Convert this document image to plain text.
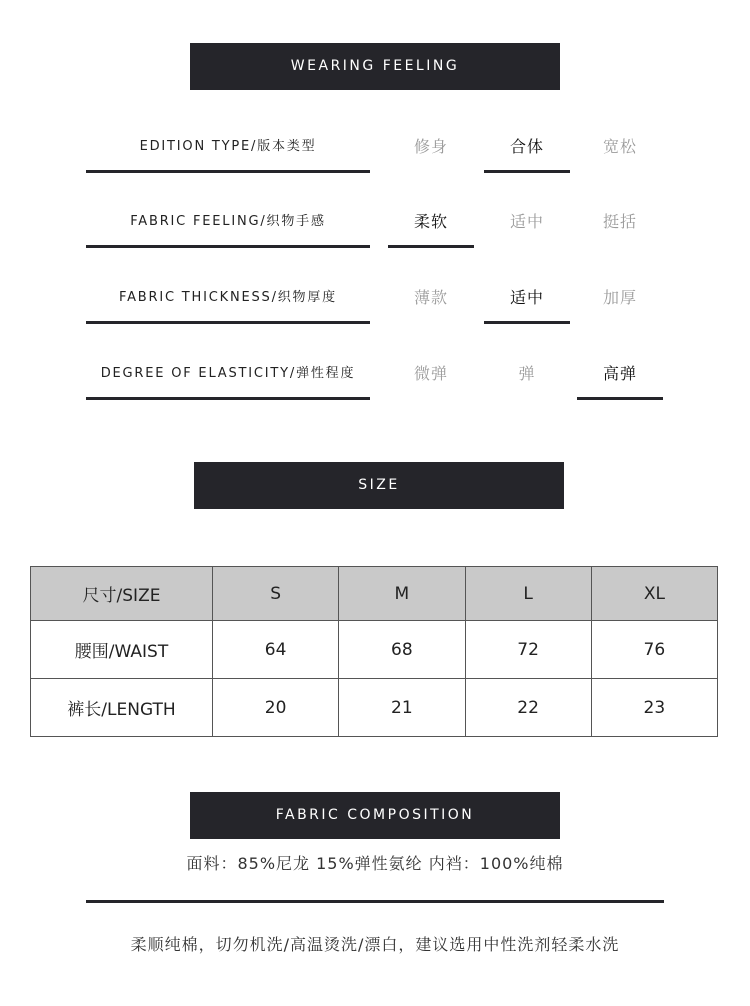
WEARING FEELING
EDITION TYPE/版本类型	修身	合体	宽松
FABRIC FEELING/织物手感	柔软	适中	挺括
FABRIC THICKNESS/织物厚度	薄款	适中	加厚
DEGREE OF ELASTICITY/弹性程度	微弹	弹	高弹
SIZE
尺寸/SIZE	S	M	L	XL
腰围/WAIST	64	68	72	76
裤长/LENGTH	20	21	22	23
FABRIC COMPOSITION
面料：85%尼龙 15%弹性氨纶 内裆：100%纯棉
柔顺纯棉，切勿机洗/高温烫洗/漂白，建议选用中性洗剂轻柔水洗
